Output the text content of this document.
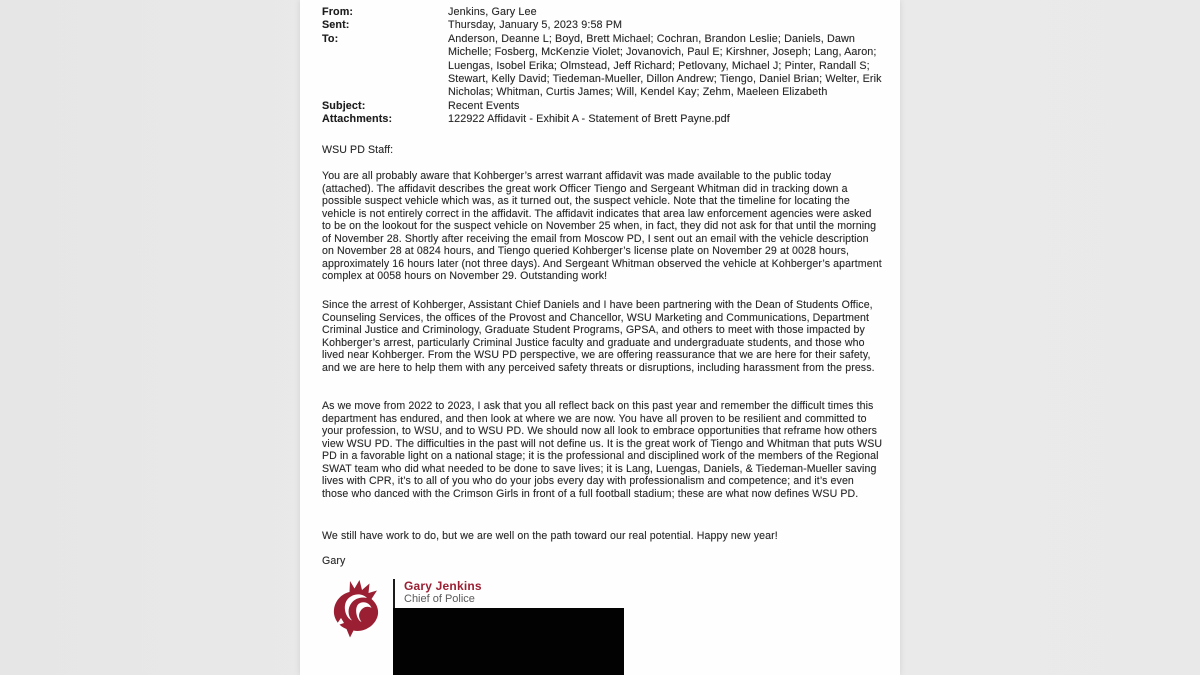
From:	Jenkins, Gary Lee
Sent:	Thursday, January 5, 2023 9:58 PM
To:	Anderson, Deanne L; Boyd, Brett Michael; Cochran, Brandon Leslie; Daniels, Dawn Michelle; Fosberg, McKenzie Violet; Jovanovich, Paul E; Kirshner, Joseph; Lang, Aaron; Luengas, Isobel Erika; Olmstead, Jeff Richard; Petlovany, Michael J; Pinter, Randall S; Stewart, Kelly David; Tiedeman-Mueller, Dillon Andrew; Tiengo, Daniel Brian; Welter, Erik Nicholas; Whitman, Curtis James; Will, Kendel Kay; Zehm, Maeleen Elizabeth
Subject:	Recent Events
Attachments:	122922 Affidavit - Exhibit A - Statement of Brett Payne.pdf
WSU PD Staff:

You are all probably aware that Kohberger’s arrest warrant affidavit was made available to the public today (attached). The affidavit describes the great work Officer Tiengo and Sergeant Whitman did in tracking down a possible suspect vehicle which was, as it turned out, the suspect vehicle. Note that the timeline for locating the vehicle is not entirely correct in the affidavit. The affidavit indicates that area law enforcement agencies were asked to be on the lookout for the suspect vehicle on November 25 when, in fact, they did not ask for that until the morning of November 28. Shortly after receiving the email from Moscow PD, I sent out an email with the vehicle description on November 28 at 0824 hours, and Tiengo queried Kohberger’s license plate on November 29 at 0028 hours, approximately 16 hours later (not three days). And Sergeant Whitman observed the vehicle at Kohberger’s apartment complex at 0058 hours on November 29. Outstanding work!

Since the arrest of Kohberger, Assistant Chief Daniels and I have been partnering with the Dean of Students Office, Counseling Services, the offices of the Provost and Chancellor, WSU Marketing and Communications, Department Criminal Justice and Criminology, Graduate Student Programs, GPSA, and others to meet with those impacted by Kohberger’s arrest, particularly Criminal Justice faculty and graduate and undergraduate students, and those who lived near Kohberger. From the WSU PD perspective, we are offering reassurance that we are here for their safety, and we are here to help them with any perceived safety threats or disruptions, including harassment from the press.

As we move from 2022 to 2023, I ask that you all reflect back on this past year and remember the difficult times this department has endured, and then look at where we are now. You have all proven to be resilient and committed to your profession, to WSU, and to WSU PD. We should now all look to embrace opportunities that reframe how others view WSU PD. The difficulties in the past will not define us. It is the great work of Tiengo and Whitman that puts WSU PD in a favorable light on a national stage; it is the professional and disciplined work of the members of the Regional SWAT team who did what needed to be done to save lives; it is Lang, Luengas, Daniels, & Tiedeman-Mueller saving lives with CPR, it’s to all of you who do your jobs every day with professionalism and competence; and it’s even those who danced with the Crimson Girls in front of a full football stadium; these are what now defines WSU PD.

We still have work to do, but we are well on the path toward our real potential. Happy new year!

Gary
Gary Jenkins
Chief of Police
